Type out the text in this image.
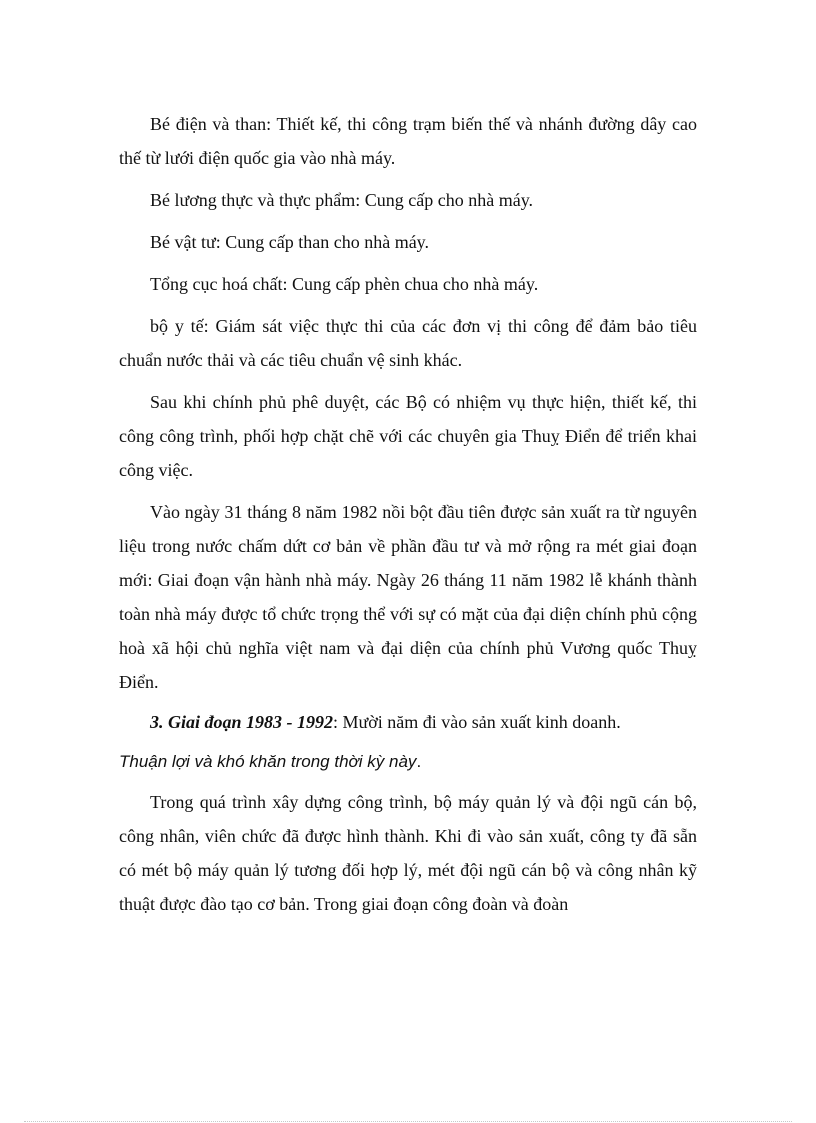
Bé điện và than: Thiết kế, thi công trạm biến thế và nhánh đường dây cao thế từ lưới điện quốc gia vào nhà máy.

Bé lương thực và thực phẩm: Cung cấp cho nhà máy.

Bé vật tư: Cung cấp than cho nhà máy.

Tổng cục hoá chất: Cung cấp phèn chua cho nhà máy.

bộ y tế: Giám sát việc thực thi của các đơn vị thi công để đảm bảo tiêu chuẩn nước thải và các tiêu chuẩn vệ sinh khác.

Sau khi chính phủ phê duyệt, các Bộ có nhiệm vụ thực hiện, thiết kế, thi công công trình, phối hợp chặt chẽ với các chuyên gia Thuỵ Điển để triển khai công việc.

Vào ngày 31 tháng 8 năm 1982 nồi bột đầu tiên được sản xuất ra từ nguyên liệu trong nước chấm dứt cơ bản về phần đầu tư và mở rộng ra mét giai đoạn mới: Giai đoạn vận hành nhà máy. Ngày 26 tháng 11 năm 1982 lễ khánh thành toàn nhà máy được tổ chức trọng thể với sự có mặt của đại diện chính phủ cộng hoà xã hội chủ nghĩa việt nam và đại diện của chính phủ Vương quốc Thuỵ Điển.

3. Giai đoạn 1983 - 1992: Mười năm đi vào sản xuất kinh doanh.

Thuận lợi và khó khăn trong thời kỳ này.

Trong quá trình xây dựng công trình, bộ máy quản lý và đội ngũ cán bộ, công nhân, viên chức đã được hình thành. Khi đi vào sản xuất, công ty đã sẵn có mét bộ máy quản lý tương đối hợp lý, mét đội ngũ cán bộ và công nhân kỹ thuật được đào tạo cơ bản. Trong giai đoạn công đoàn và đoàn
